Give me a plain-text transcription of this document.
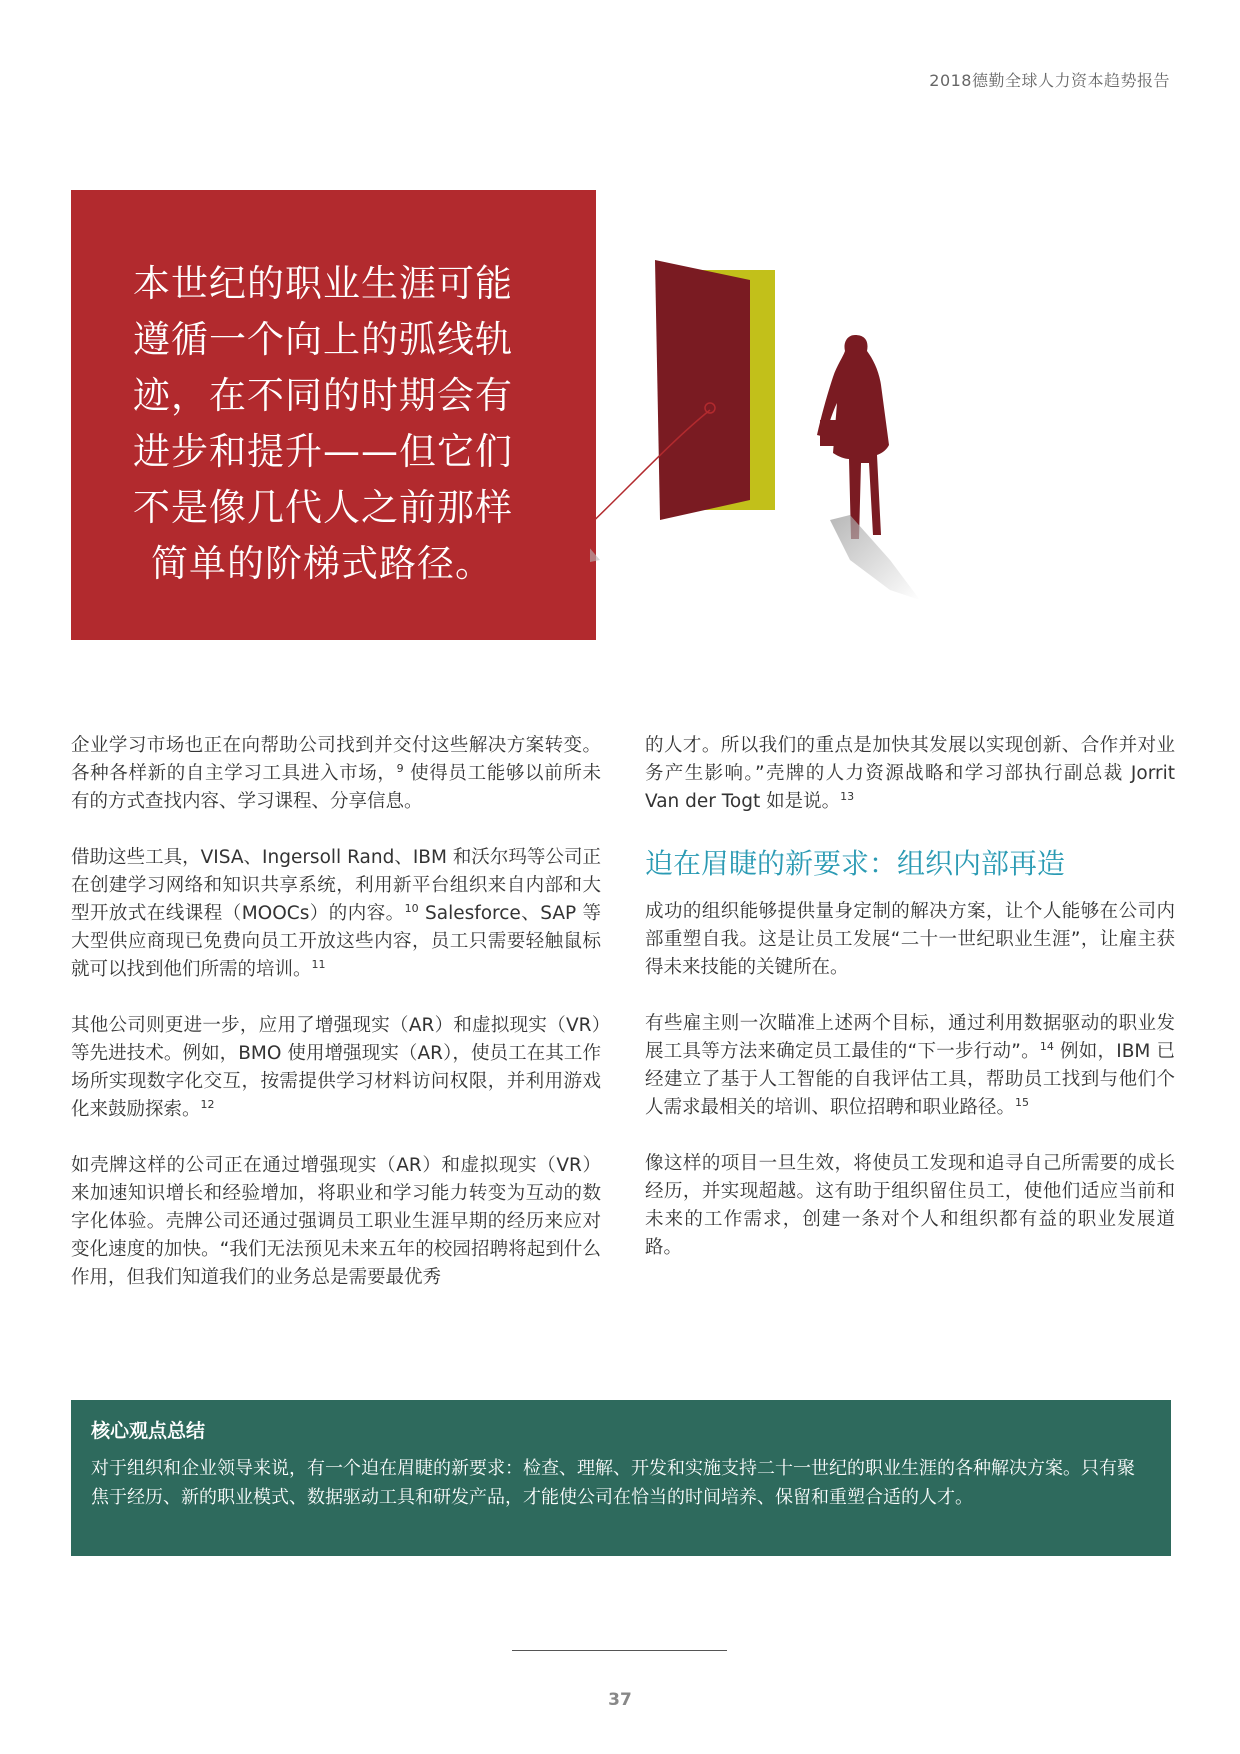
2018德勤全球人力资本趋势报告
本世纪的职业生涯可能
遵循一个向上的弧线轨
迹，在不同的时期会有
进步和提升——但它们
不是像几代人之前那样
简单的阶梯式路径。

企业学习市场也正在向帮助公司找到并交付这些解决方案转变。各种各样新的自主学习工具进入市场，$^9$ 使得员工能够以前所未有的方式查找内容、学习课程、分享信息。

借助这些工具，VISA、Ingersoll Rand、IBM 和沃尔玛等公司正在创建学习网络和知识共享系统，利用新平台组织来自内部和大型开放式在线课程（MOOCs）的内容。$^{10}$ Salesforce、SAP 等大型供应商现已免费向员工开放这些内容，员工只需要轻触鼠标就可以找到他们所需的培训。$^{11}$

其他公司则更进一步，应用了增强现实（AR）和虚拟现实（VR）等先进技术。例如，BMO 使用增强现实（AR），使员工在其工作场所实现数字化交互，按需提供学习材料访问权限，并利用游戏化来鼓励探索。$^{12}$

如壳牌这样的公司正在通过增强现实（AR）和虚拟现实（VR）来加速知识增长和经验增加，将职业和学习能力转变为互动的数字化体验。壳牌公司还通过强调员工职业生涯早期的经历来应对变化速度的加快。“我们无法预见未来五年的校园招聘将起到什么作用，但我们知道我们的业务总是需要最优秀

的人才。所以我们的重点是加快其发展以实现创新、合作并对业务产生影响。”壳牌的人力资源战略和学习部执行副总裁 Jorrit Van der Togt 如是说。$^{13}$

迫在眉睫的新要求：组织内部再造

成功的组织能够提供量身定制的解决方案，让个人能够在公司内部重塑自我。这是让员工发展“二十一世纪职业生涯”，让雇主获得未来技能的关键所在。

有些雇主则一次瞄准上述两个目标，通过利用数据驱动的职业发展工具等方法来确定员工最佳的“下一步行动”。$^{14}$ 例如，IBM 已经建立了基于人工智能的自我评估工具，帮助员工找到与他们个人需求最相关的培训、职位招聘和职业路径。$^{15}$

像这样的项目一旦生效，将使员工发现和追寻自己所需要的成长经历，并实现超越。这有助于组织留住员工，使他们适应当前和未来的工作需求，创建一条对个人和组织都有益的职业发展道路。

核心观点总结

对于组织和企业领导来说，有一个迫在眉睫的新要求：检查、理解、开发和实施支持二十一世纪的职业生涯的各种解决方案。只有聚焦于经历、新的职业模式、数据驱动工具和研发产品，才能使公司在恰当的时间培养、保留和重塑合适的人才。

37
